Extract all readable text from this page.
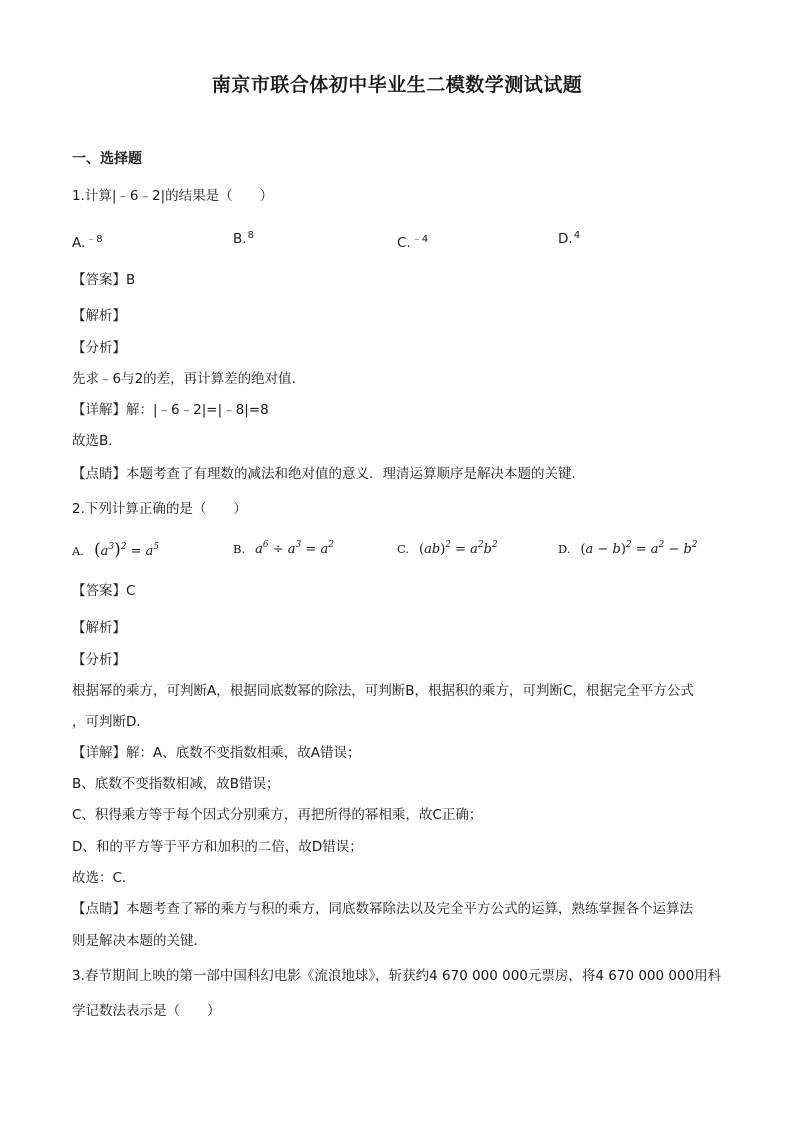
南京市联合体初中毕业生二模数学测试试题
一、选择题
1.计算|﹣6﹣2|的结果是（　　）
A.$^{﹣8}$	B.$^8$	C.$^{﹣4}$	D.$^4$
【答案】B
【解析】
【分析】
先求﹣6与2的差，再计算差的绝对值．
【详解】解：|﹣6﹣2|=|﹣8|=8
故选B．
【点睛】本题考查了有理数的减法和绝对值的意义．理清运算顺序是解决本题的关键．
2.下列计算正确的是（　　）
A. $(a^3)^2 = a^5$	B. $a^6 \div a^3 = a^2$	C. $(ab)^2 = a^2b^2$	D. $(a - b)^2 = a^2 - b^2$
【答案】C
【解析】
【分析】
根据幂的乘方，可判断A，根据同底数幂的除法，可判断B，根据积的乘方，可判断C，根据完全平方公式
，可判断D．
【详解】解：A、底数不变指数相乘，故A错误；
B、底数不变指数相减，故B错误；
C、积得乘方等于每个因式分别乘方，再把所得的幂相乘，故C正确；
D、和的平方等于平方和加积的二倍，故D错误；
故选：C．
【点睛】本题考查了幂的乘方与积的乘方，同底数幂除法以及完全平方公式的运算，熟练掌握各个运算法
则是解决本题的关键．
3.春节期间上映的第一部中国科幻电影《流浪地球》，斩获约4 670 000 000元票房，将4 670 000 000用科
学记数法表示是（　　）
